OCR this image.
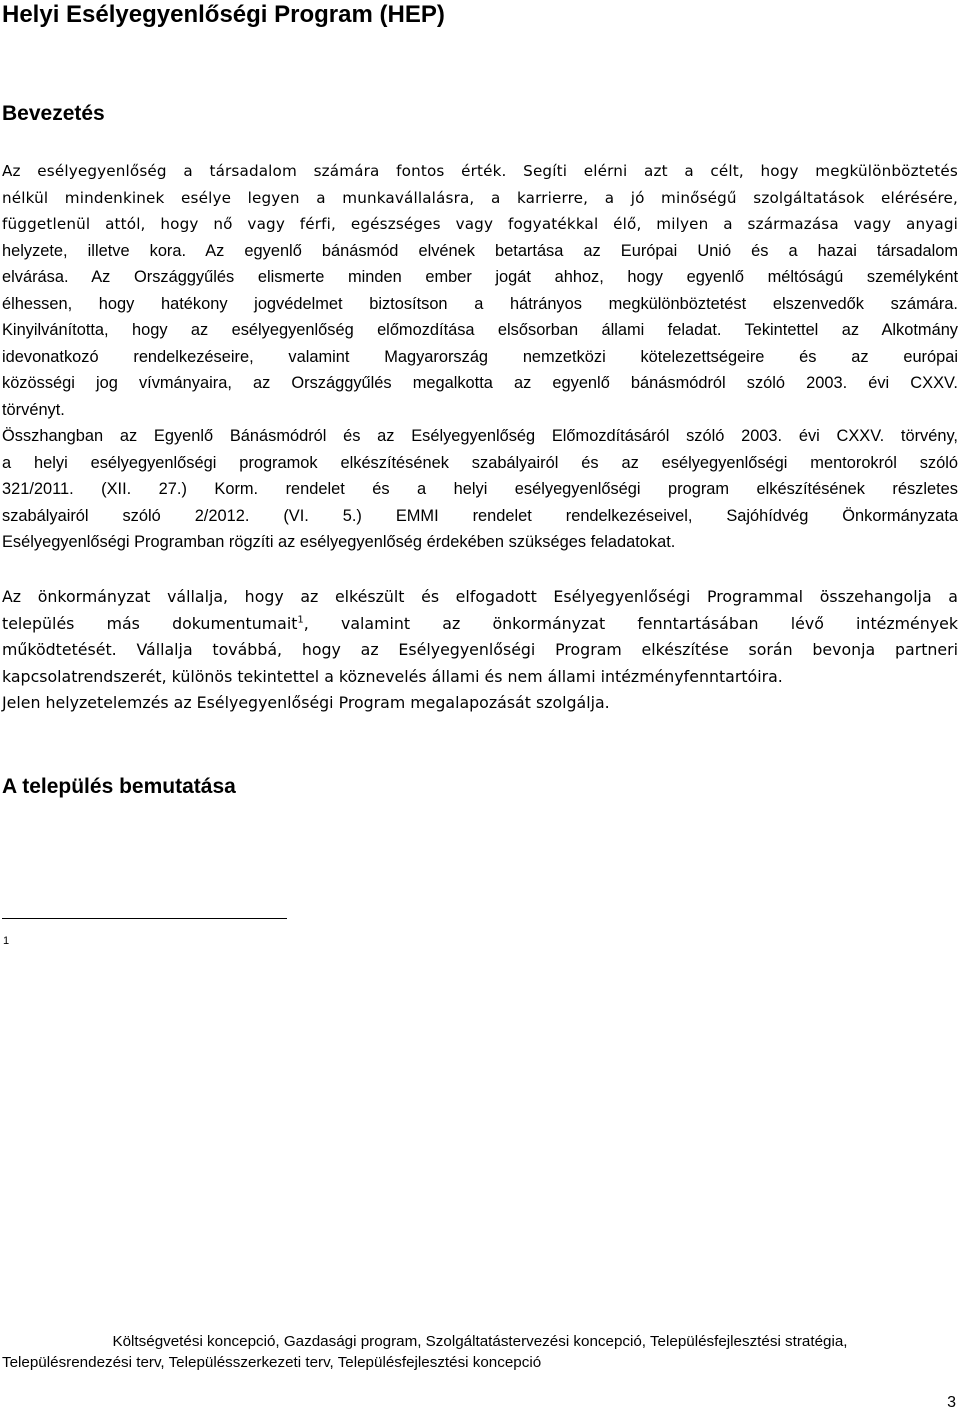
Helyi Esélyegyenlőségi Program (HEP)
Bevezetés

Az esélyegyenlőség a társadalom számára fontos érték. Segíti elérni azt a célt, hogy megkülönböztetés
nélkül mindenkinek esélye legyen a munkavállalásra, a karrierre, a jó minőségű szolgáltatások elérésére,
függetlenül attól, hogy nő vagy férfi, egészséges vagy fogyatékkal élő, milyen a származása vagy anyagi
helyzete, illetve kora. Az egyenlő bánásmód elvének betartása az Európai Unió és a hazai társadalom
elvárása. Az Országgyűlés elismerte minden ember jogát ahhoz, hogy egyenlő méltóságú személyként
élhessen, hogy hatékony jogvédelmet biztosítson a hátrányos megkülönböztetést elszenvedők számára.
Kinyilvánította, hogy az esélyegyenlőség előmozdítása elsősorban állami feladat. Tekintettel az Alkotmány
idevonatkozó rendelkezéseire, valamint Magyarország nemzetközi kötelezettségeire és az európai
közösségi jog vívmányaira, az Országgyűlés megalkotta az egyenlő bánásmódról szóló 2003. évi CXXV.
törvényt.
Összhangban az Egyenlő Bánásmódról és az Esélyegyenlőség Előmozdításáról szóló 2003. évi CXXV. törvény,
a helyi esélyegyenlőségi programok elkészítésének szabályairól és az esélyegyenlőségi mentorokról szóló
321/2011. (XII. 27.) Korm. rendelet és a helyi esélyegyenlőségi program elkészítésének részletes
szabályairól szóló 2/2012. (VI. 5.) EMMI rendelet rendelkezéseivel, Sajóhídvég Önkormányzata
Esélyegyenlőségi Programban rögzíti az esélyegyenlőség érdekében szükséges feladatokat.

Az önkormányzat vállalja, hogy az elkészült és elfogadott Esélyegyenlőségi Programmal összehangolja a
település más dokumentumait$^1$, valamint az önkormányzat fenntartásában lévő intézmények
működtetését. Vállalja továbbá, hogy az Esélyegyenlőségi Program elkészítése során bevonja partneri
kapcsolatrendszerét, különös tekintettel a köznevelés állami és nem állami intézményfenntartóira.
Jelen helyzetelemzés az Esélyegyenlőségi Program megalapozását szolgálja.

A település bemutatása
1
Költségvetési koncepció, Gazdasági program, Szolgáltatástervezési koncepció, Településfejlesztési stratégia,
Településrendezési terv, Településszerkezeti terv, Településfejlesztési koncepció
3
